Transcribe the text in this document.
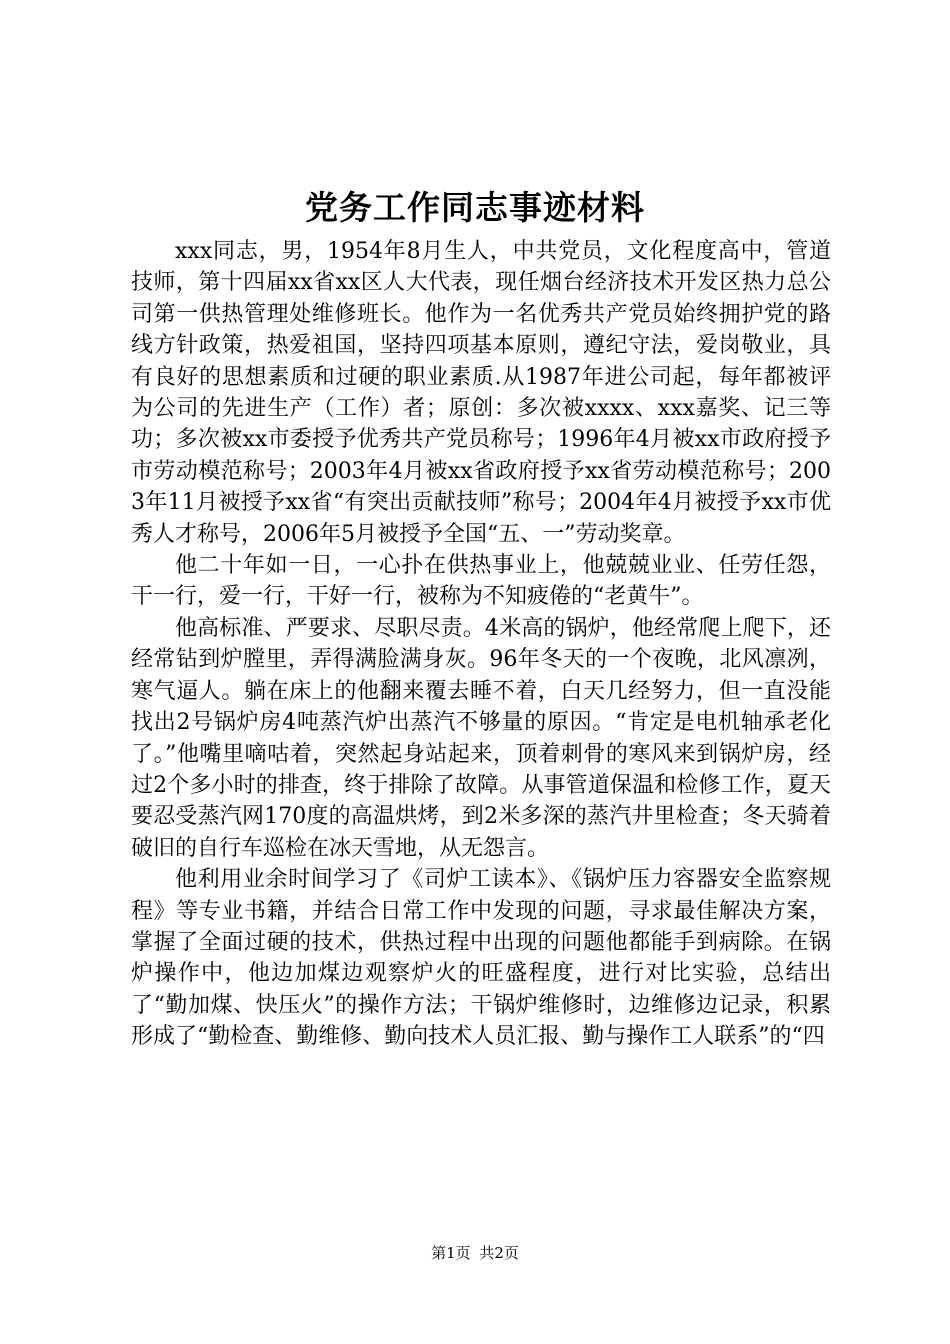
党务工作同志事迹材料

xxx同志，男，1954年8月生人，中共党员，文化程度高中，管道技师，第十四届xx省xx区人大代表，现任烟台经济技术开发区热力总公司第一供热管理处维修班长。他作为一名优秀共产党员始终拥护党的路线方针政策，热爱祖国，坚持四项基本原则，遵纪守法，爱岗敬业，具有良好的思想素质和过硬的职业素质.从1987年进公司起，每年都被评为公司的先进生产（工作）者；原创：多次被xxxx、xxx嘉奖、记三等功；多次被xx市委授予优秀共产党员称号；1996年4月被xx市政府授予市劳动模范称号；2003年4月被xx省政府授予xx省劳动模范称号；2003年11月被授予xx省“有突出贡献技师”称号；2004年4月被授予xx市优秀人才称号，2006年5月被授予全国“五、一”劳动奖章。

他二十年如一日，一心扑在供热事业上，他兢兢业业、任劳任怨，干一行，爱一行，干好一行，被称为不知疲倦的“老黄牛”。

他高标准、严要求、尽职尽责。4米高的锅炉，他经常爬上爬下，还经常钻到炉膛里，弄得满脸满身灰。96年冬天的一个夜晚，北风凛冽，寒气逼人。躺在床上的他翻来覆去睡不着，白天几经努力，但一直没能找出2号锅炉房4吨蒸汽炉出蒸汽不够量的原因。“肯定是电机轴承老化了。”他嘴里嘀咕着，突然起身站起来，顶着刺骨的寒风来到锅炉房，经过2个多小时的排查，终于排除了故障。从事管道保温和检修工作，夏天要忍受蒸汽网170度的高温烘烤，到2米多深的蒸汽井里检查；冬天骑着破旧的自行车巡检在冰天雪地，从无怨言。

他利用业余时间学习了《司炉工读本》、《锅炉压力容器安全监察规程》等专业书籍，并结合日常工作中发现的问题，寻求最佳解决方案，掌握了全面过硬的技术，供热过程中出现的问题他都能手到病除。在锅炉操作中，他边加煤边观察炉火的旺盛程度，进行对比实验，总结出了“勤加煤、快压火”的操作方法；干锅炉维修时，边维修边记录，积累形成了“勤检查、勤维修、勤向技术人员汇报、勤与操作工人联系”的“四

第1页 共2页
